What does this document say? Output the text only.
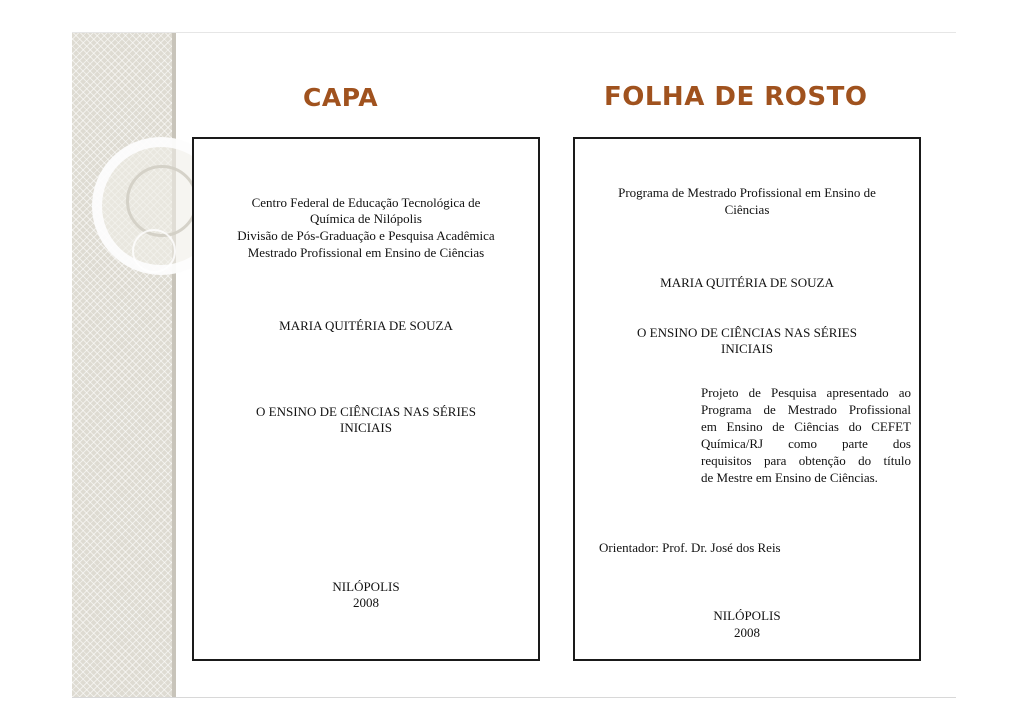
CAPA	FOLHA DE ROSTO

Centro Federal de Educação Tecnológica de

Química de Nilópolis

Divisão de Pós-Graduação e Pesquisa Acadêmica

Mestrado Profissional em Ensino de Ciências

MARIA QUITÉRIA DE SOUZA

O ENSINO DE CIÊNCIAS NAS SÉRIES

INICIAIS

NILÓPOLIS

2008

Programa de Mestrado Profissional em Ensino de

Ciências

MARIA QUITÉRIA DE SOUZA

O ENSINO DE CIÊNCIAS NAS SÉRIES

INICIAIS

Projeto de Pesquisa apresentado ao

Programa de Mestrado Profissional

em Ensino de Ciências do CEFET

Química/RJ como parte dos

requisitos para obtenção do título

de Mestre em Ensino de Ciências.

Orientador: Prof. Dr. José dos Reis

NILÓPOLIS

2008
